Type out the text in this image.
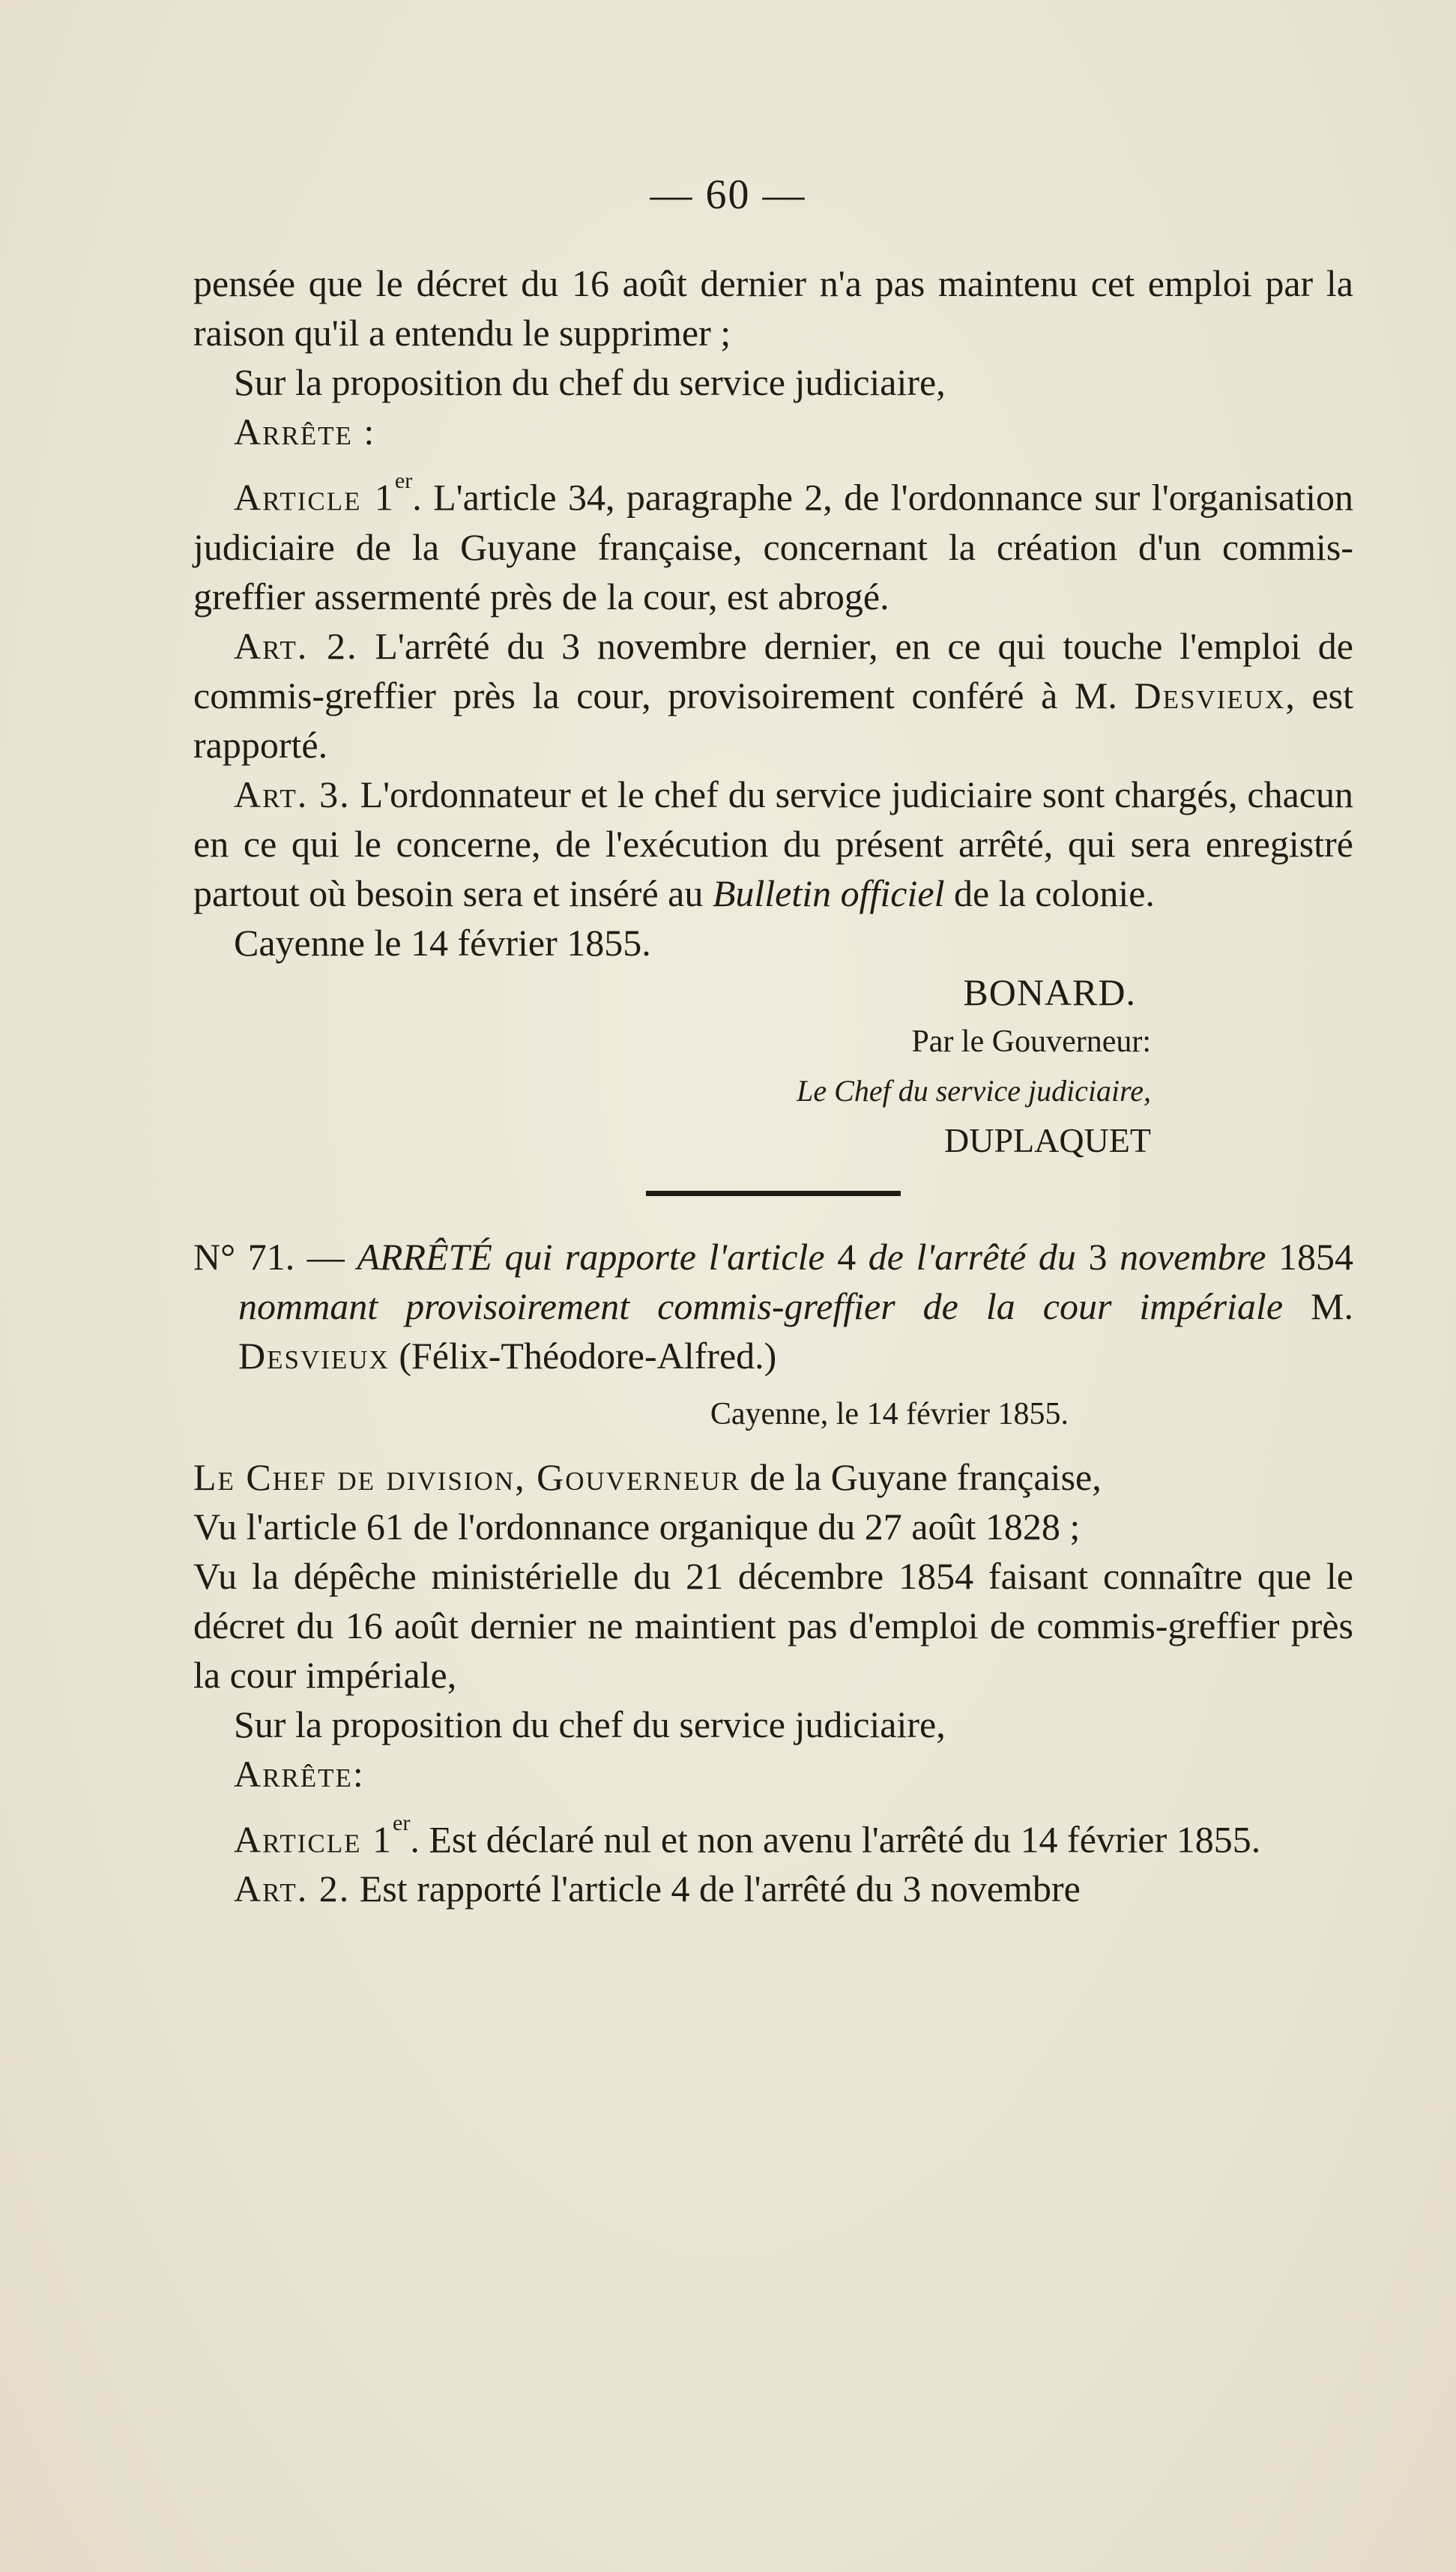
— 60 —

pensée que le décret du 16 août dernier n'a pas maintenu cet emploi par la raison qu'il a entendu le supprimer ;

Sur la proposition du chef du service judiciaire,

Arrête :

Article 1er. L'article 34, paragraphe 2, de l'ordonnance sur l'organisation judiciaire de la Guyane française, concernant la création d'un commis-greffier assermenté près de la cour, est abrogé.

Art. 2. L'arrêté du 3 novembre dernier, en ce qui touche l'emploi de commis-greffier près la cour, provisoirement conféré à M. Desvieux, est rapporté.

Art. 3. L'ordonnateur et le chef du service judiciaire sont chargés, chacun en ce qui le concerne, de l'exécution du présent arrêté, qui sera enregistré partout où besoin sera et inséré au Bulletin officiel de la colonie.

Cayenne le 14 février 1855.

BONARD.
Par le Gouverneur:
Le Chef du service judiciaire,
DUPLAQUET

N° 71. — ARRÊTÉ qui rapporte l'article 4 de l'arrêté du 3 novembre 1854 nommant provisoirement commis-greffier de la cour impériale M. Desvieux (Félix-Théodore-Alfred.)

Cayenne, le 14 février 1855.

Le Chef de division, Gouverneur de la Guyane française,

Vu l'article 61 de l'ordonnance organique du 27 août 1828 ;

Vu la dépêche ministérielle du 21 décembre 1854 faisant connaître que le décret du 16 août dernier ne maintient pas d'emploi de commis-greffier près la cour impériale,

Sur la proposition du chef du service judiciaire,

Arrête:

Article 1er. Est déclaré nul et non avenu l'arrêté du 14 février 1855.

Art. 2. Est rapporté l'article 4 de l'arrêté du 3 novembre
